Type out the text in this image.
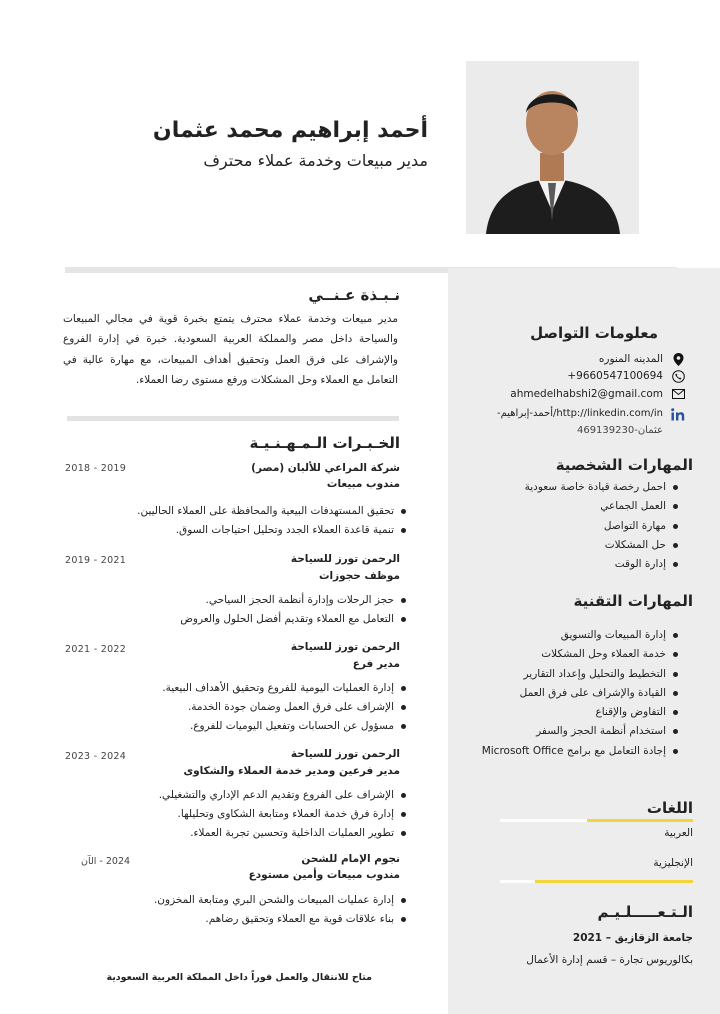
أحمد إبراهيم محمد عثمان
مدير مبيعات وخدمة عملاء محترف
معلومات التواصل
المدينه المنوره
+9660547100694
ahmedelhabshi2@gmail.com
http://linkedin.com/in/أحمد-إبراهيم-
عثمان-469139230
المهارات الشخصية
احمل رخصة قيادة خاصة سعودية
العمل الجماعي
مهارة التواصل
حل المشكلات
إدارة الوقت
المهارات التقنية
إدارة المبيعات والتسويق
خدمة العملاء وحل المشكلات
التخطيط والتحليل وإعداد التقارير
القيادة والإشراف على فرق العمل
التفاوض والإقناع
استخدام أنظمة الحجز والسفر
إجادة التعامل مع برامج Microsoft Office
اللغات
العربية
الإنجليزية
الـتـعـــــلـيـم
جامعة الزقازيق – 2021
بكالوريوس تجارة – قسم إدارة الأعمال
نـبـذة عـنــي
مدير مبيعات وخدمة عملاء محترف يتمتع بخبرة قوية في مجالي المبيعات والسياحة داخل مصر والمملكة العربية السعودية. خبرة في إدارة الفروع والإشراف على فرق العمل وتحقيق أهداف المبيعات، مع مهارة عالية في التعامل مع العملاء وحل المشكلات ورفع مستوى رضا العملاء.
الخـبـرات الـمـهـنـيـة
شركة المراعي للألبان (مصر)
2018 - 2019
مندوب مبيعات
تحقيق المستهدفات البيعية والمحافظة على العملاء الحاليين.
تنمية قاعدة العملاء الجدد وتحليل احتياجات السوق.
الرحمن تورز للسياحة
2019 - 2021
موظف حجوزات
حجز الرحلات وإدارة أنظمة الحجز السياحي.
التعامل مع العملاء وتقديم أفضل الحلول والعروض
الرحمن تورز للسياحة
2021 - 2022
مدير فرع
إدارة العمليات اليومية للفروع وتحقيق الأهداف البيعية.
الإشراف على فرق العمل وضمان جودة الخدمة.
مسؤول عن الحسابات وتفعيل اليوميات للفروع.
الرحمن تورز للسياحة
2023 - 2024
مدير فرعين ومدير خدمة العملاء والشكاوى
الإشراف على الفروع وتقديم الدعم الإداري والتشغيلي.
إدارة فرق خدمة العملاء ومتابعة الشكاوى وتحليلها.
تطوير العمليات الداخلية وتحسين تجربة العملاء.
نجوم الإمام للشحن
2024 - الآن
مندوب مبيعات وأمين مستودع
إدارة عمليات المبيعات والشحن البري ومتابعة المخزون.
بناء علاقات قوية مع العملاء وتحقيق رضاهم.
متاح للانتقال والعمل فوراً داخل المملكة العربية السعودية
